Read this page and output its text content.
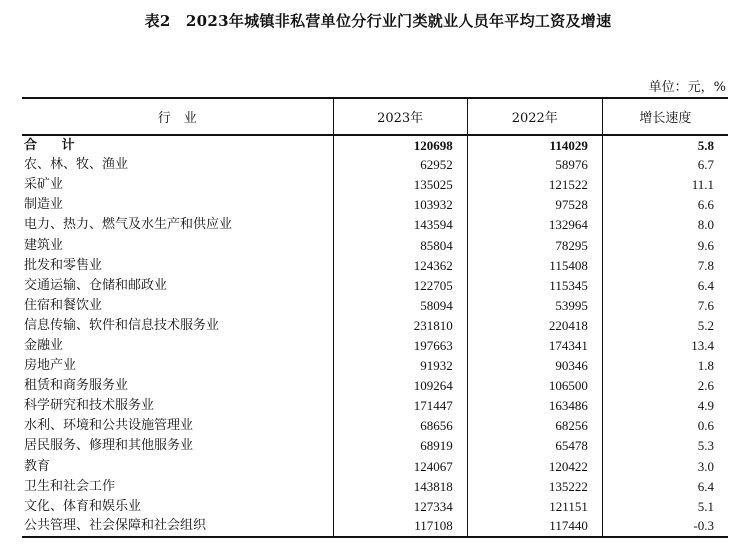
表2　2023年城镇非私营单位分行业门类就业人员年平均工资及增速
单位：元，%
行　业	2023年	2022年	增长速度
合 计	120698	114029	5.8
农、林、牧、渔业	62952	58976	6.7
采矿业	135025	121522	11.1
制造业	103932	97528	6.6
电力、热力、燃气及水生产和供应业	143594	132964	8.0
建筑业	85804	78295	9.6
批发和零售业	124362	115408	7.8
交通运输、仓储和邮政业	122705	115345	6.4
住宿和餐饮业	58094	53995	7.6
信息传输、软件和信息技术服务业	231810	220418	5.2
金融业	197663	174341	13.4
房地产业	91932	90346	1.8
租赁和商务服务业	109264	106500	2.6
科学研究和技术服务业	171447	163486	4.9
水利、环境和公共设施管理业	68656	68256	0.6
居民服务、修理和其他服务业	68919	65478	5.3
教育	124067	120422	3.0
卫生和社会工作	143818	135222	6.4
文化、体育和娱乐业	127334	121151	5.1
公共管理、社会保障和社会组织	117108	117440	-0.3
